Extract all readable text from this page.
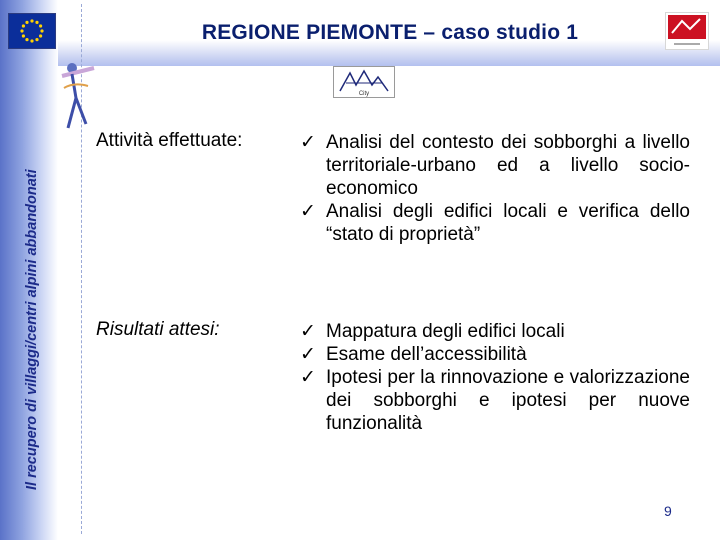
REGIONE PIEMONTE – caso studio 1
City
Il recupero di villaggi/centri alpini abbandonati
Attività effettuate:	✓ Analisi del contesto dei sobborghi a livello territoriale-urbano ed a livello socio-economico
✓ Analisi degli edifici locali e verifica dello “stato di proprietà”
Risultati attesi:	✓ Mappatura degli edifici locali
✓ Esame dell’accessibilità
✓ Ipotesi per la rinnovazione e valorizzazione dei sobborghi e ipotesi per nuove funzionalità
9
